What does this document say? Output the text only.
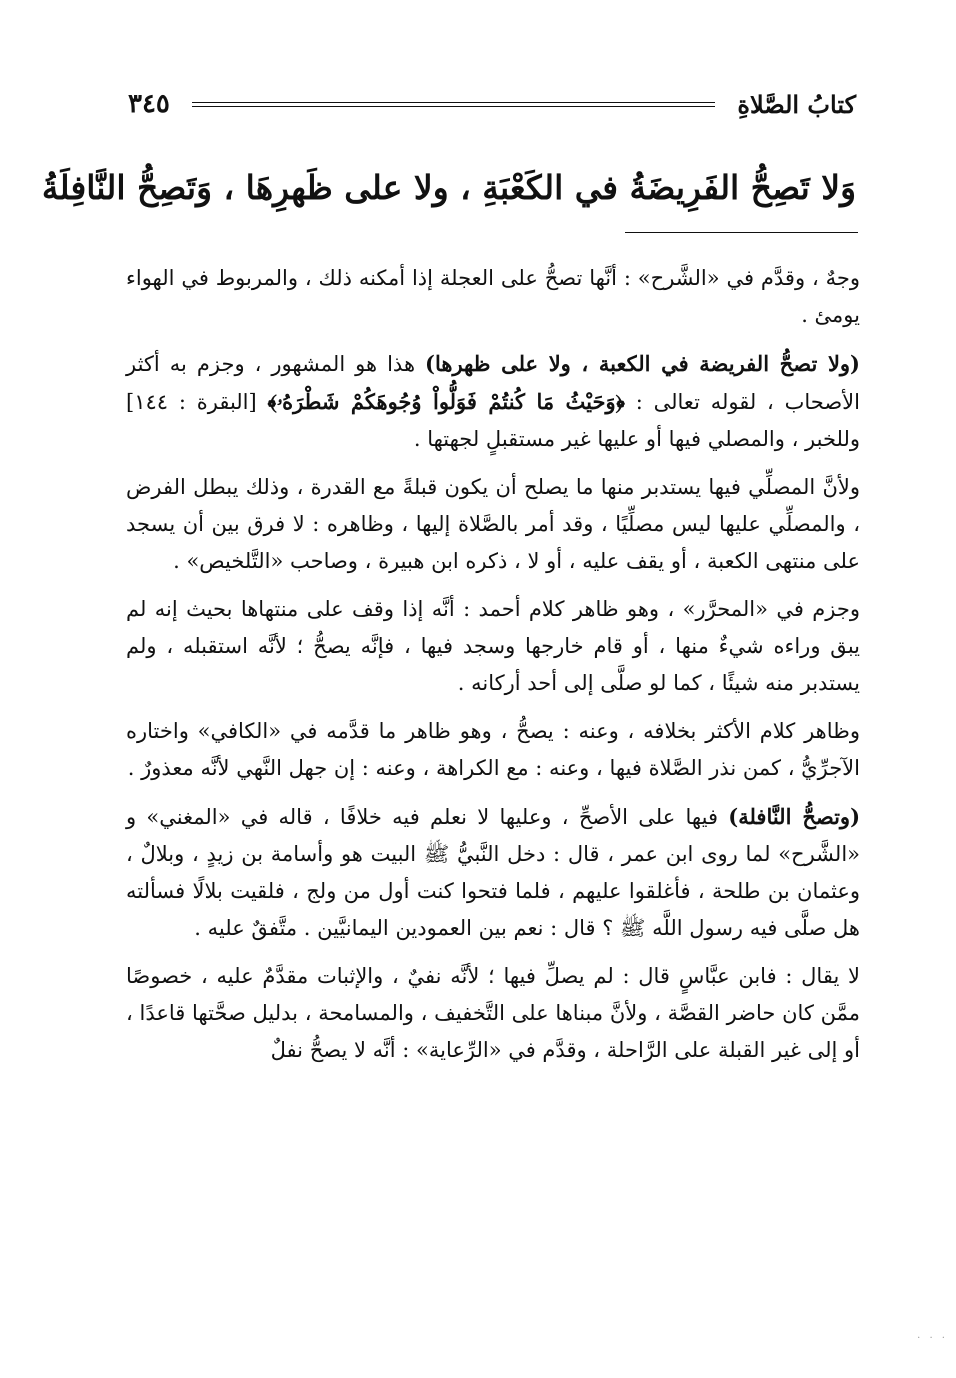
كتابُ الصَّلاةِ
٣٤٥
وَلا تَصِحُّ الفَرِيضَةُ في الكَعْبَةِ ، ولا على ظَهرِهَا ، وَتَصِحُّ النَّافِلَةُ

وجهٌ ، وقدَّم في «الشَّرح» : أنَّها تصحُّ على العجلة إذا أمكنه ذلك ، والمربوط في الهواء يومئ .

(ولا تصحُّ الفريضة في الكعبة ، ولا على ظهرها) هذا هو المشهور ، وجزم به أكثر الأصحاب ، لقوله تعالى : ﴿وَحَيْثُ مَا كُنتُمْ فَوَلُّواْ وُجُوهَكُمْ شَطْرَهُۥ﴾ [البقرة : ١٤٤] وللخبر ، والمصلي فيها أو عليها غير مستقبلٍ لجهتها .

ولأنَّ المصلِّي فيها يستدبر منها ما يصلح أن يكون قبلةً مع القدرة ، وذلك يبطل الفرض ، والمصلِّي عليها ليس مصلِّيًا ، وقد أمر بالصَّلاة إليها ، وظاهره : لا فرق بين أن يسجد على منتهى الكعبة ، أو يقف عليه ، أو لا ، ذكره ابن هبيرة ، وصاحب «التَّلخيص» .

وجزم في «المحرَّر» ، وهو ظاهر كلام أحمد : أنَّه إذا وقف على منتهاها بحيث إنه لم يبق وراءه شيءٌ منها ، أو قام خارجها وسجد فيها ، فإنَّه يصحُّ ؛ لأنَّه استقبله ، ولم يستدبر منه شيئًا ، كما لو صلَّى إلى أحد أركانه .

وظاهر كلام الأكثر بخلافه ، وعنه : يصحُّ ، وهو ظاهر ما قدَّمه في «الكافي» واختاره الآجرِّيُّ ، كمن نذر الصَّلاة فيها ، وعنه : مع الكراهة ، وعنه : إن جهل النَّهي لأنَّه معذورٌ .

(وتصحُّ النَّافلة) فيها على الأصحِّ ، وعليها لا نعلم فيه خلافًا ، قاله في «المغني» و «الشَّرح» لما روى ابن عمر ، قال : دخل النَّبيُّ ﷺ البيت هو وأسامة بن زيدٍ ، وبلالٌ ، وعثمان بن طلحة ، فأغلقوا عليهم ، فلما فتحوا كنت أول من ولج ، فلقيت بلالًا فسألته هل صلَّى فيه رسول اللَّه ﷺ ؟ قال : نعم بين العمودين اليمانيَّين . متَّفقٌ عليه .

لا يقال : فابن عبَّاسٍ قال : لم يصلِّ فيها ؛ لأنَّه نفيٌ ، والإثبات مقدَّمٌ عليه ، خصوصًا ممَّن كان حاضر القصَّة ، ولأنَّ مبناها على التَّخفيف ، والمسامحة ، بدليل صحَّتها قاعدًا ، أو إلى غير القبلة على الرَّاحلة ، وقدَّم في «الرِّعاية» : أنَّه لا يصحُّ نفلٌ

. . .
